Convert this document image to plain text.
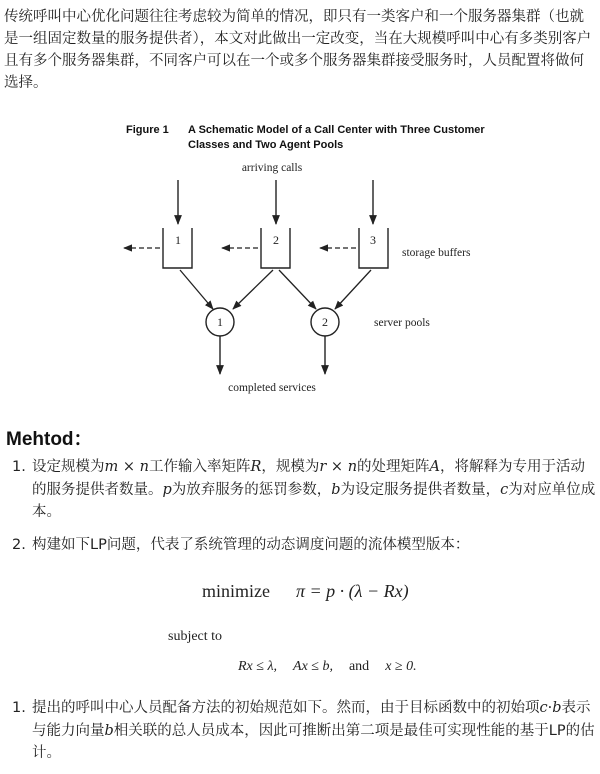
传统呼叫中心优化问题往往考虑较为简单的情况，即只有一类客户和一个服务器集群（也就是一组固定数量的服务提供者），本文对此做出一定改变，当在大规模呼叫中心有多类别客户且有多个服务器集群，不同客户可以在一个或多个服务器集群接受服务时，人员配置将做何选择。

Figure 1 A Schematic Model of a Call Center with Three Customer
Classes and Two Agent Pools
arriving calls
1	2	3
storage buffers
1	2	server pools
completed services
Mehtod：
1. 设定规模为m × n工作输入率矩阵R，规模为r × n的处理矩阵A，将解释为专用于活动的服务提供者数量。p为放弃服务的惩罚参数，b为设定服务提供者数量，c为对应单位成本。
2. 构建如下LP问题，代表了系统管理的动态调度问题的流体模型版本：
minimize π = p · (λ − Rx)
subject to
Rx ≤ λ, Ax ≤ b, and x ≥ 0.
1. 提出的呼叫中心人员配备方法的初始规范如下。然而，由于目标函数中的初始项c·b表示与能力向量b相关联的总人员成本，因此可推断出第二项是最佳可实现性能的基于LP的估计。
